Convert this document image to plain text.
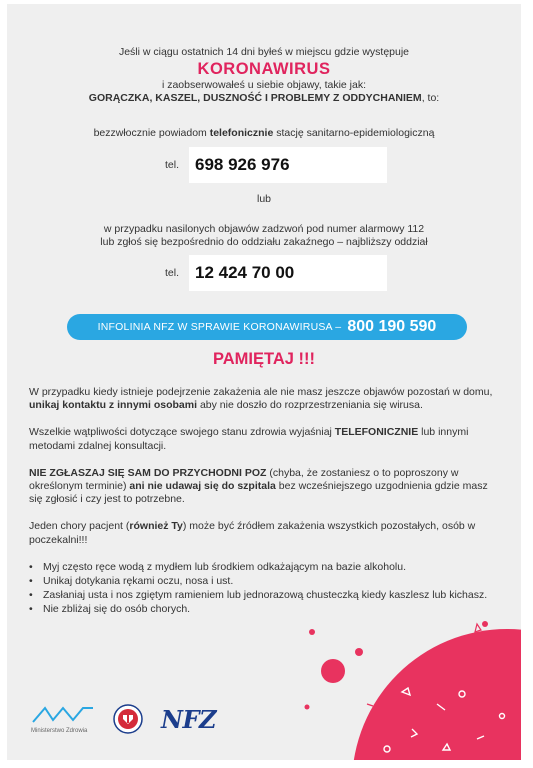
Jeśli w ciągu ostatnich 14 dni byłeś w miejscu gdzie występuje
KORONAWIRUS
i zaobserwowałeś u siebie objawy, takie jak:
GORĄCZKA, KASZEL, DUSZNOŚĆ I PROBLEMY Z ODDYCHANIEM, to:
bezzwłocznie powiadom telefonicznie stację sanitarno-epidemiologiczną
tel. 698 926 976
lub
w przypadku nasilonych objawów zadzwoń pod numer alarmowy 112
lub zgłoś się bezpośrednio do oddziału zakaźnego – najbliższy oddział
tel. 12 424 70 00
INFOLINIA NFZ W SPRAWIE KORONAWIRUSA – 800 190 590
PAMIĘTAJ !!!

W przypadku kiedy istnieje podejrzenie zakażenia ale nie masz jeszcze objawów pozostań w domu, unikaj kontaktu z innymi osobami aby nie doszło do rozprzestrzeniania się wirusa.

Wszelkie wątpliwości dotyczące swojego stanu zdrowia wyjaśniaj TELEFONICZNIE lub innymi metodami zdalnej konsultacji.

NIE ZGŁASZAJ SIĘ SAM DO PRZYCHODNI POZ (chyba, że zostaniesz o to poproszony w określonym terminie) ani nie udawaj się do szpitala bez wcześniejszego uzgodnienia gdzie masz się zgłosić i czy jest to potrzebne.

Jeden chory pacjent (również Ty) może być źródłem zakażenia wszystkich pozostałych, osób w poczekalni!!!

• Myj często ręce wodą z mydłem lub środkiem odkażającym na bazie alkoholu.
• Unikaj dotykania rękami oczu, nosa i ust.
• Zasłaniaj usta i nos zgiętym ramieniem lub jednorazową chusteczką kiedy kaszlesz lub kichasz.
• Nie zbliżaj się do osób chorych.
Ministerstwo Zdrowia	NFZ
